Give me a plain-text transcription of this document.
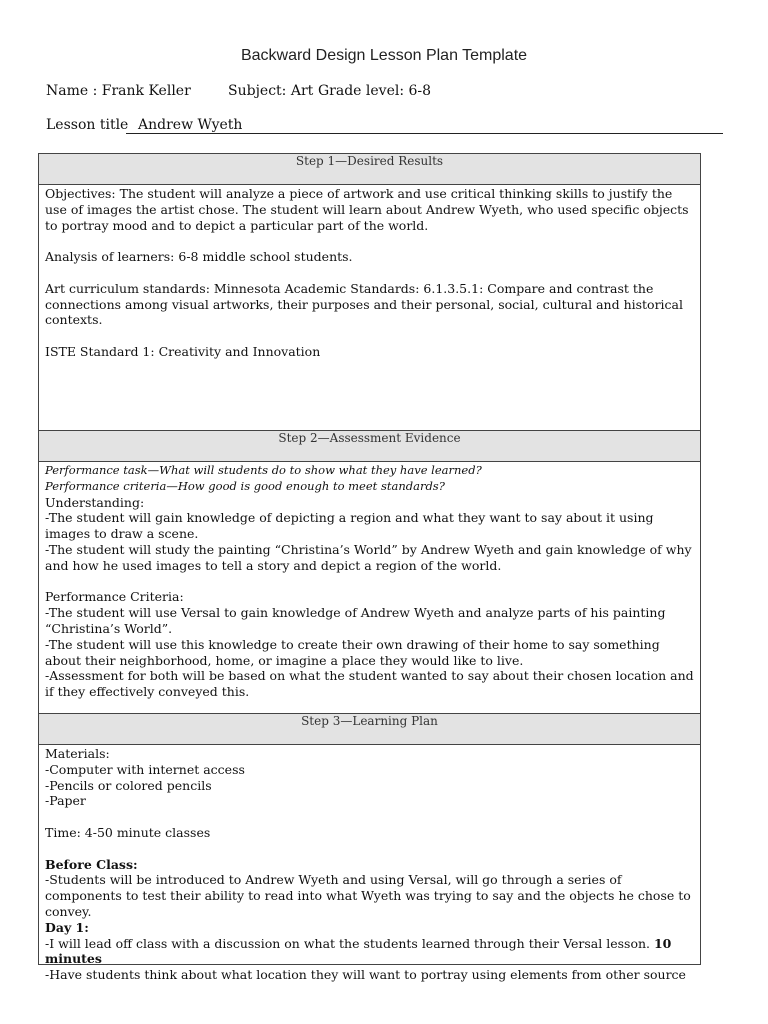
Backward Design Lesson Plan Template
Name : Frank Keller	Subject: Art Grade level: 6-8
Lesson title Andrew Wyeth
Step 1—Desired Results

Objectives: The student will analyze a piece of artwork and use critical thinking skills to justify the use of images the artist chose. The student will learn about Andrew Wyeth, who used specific objects to portray mood and to depict a particular part of the world.

Analysis of learners: 6-8 middle school students.

Art curriculum standards: Minnesota Academic Standards: 6.1.3.5.1: Compare and contrast the connections among visual artworks, their purposes and their personal, social, cultural and historical contexts.

ISTE Standard 1: Creativity and Innovation

Step 2—Assessment Evidence

Performance task—What will students do to show what they have learned?

Performance criteria—How good is good enough to meet standards?

Understanding:

-The student will gain knowledge of depicting a region and what they want to say about it using images to draw a scene.

-The student will study the painting “Christina’s World” by Andrew Wyeth and gain knowledge of why and how he used images to tell a story and depict a region of the world.

Performance Criteria:

-The student will use Versal to gain knowledge of Andrew Wyeth and analyze parts of his painting “Christina’s World”.

-The student will use this knowledge to create their own drawing of their home to say something about their neighborhood, home, or imagine a place they would like to live.

-Assessment for both will be based on what the student wanted to say about their chosen location and if they effectively conveyed this.

Step 3—Learning Plan

Materials:

-Computer with internet access

-Pencils or colored pencils

-Paper

Time: 4-50 minute classes

Before Class:

-Students will be introduced to Andrew Wyeth and using Versal, will go through a series of components to test their ability to read into what Wyeth was trying to say and the objects he chose to convey.

Day 1:

-I will lead off class with a discussion on what the students learned through their Versal lesson. 10 minutes

-Have students think about what location they will want to portray using elements from other source
